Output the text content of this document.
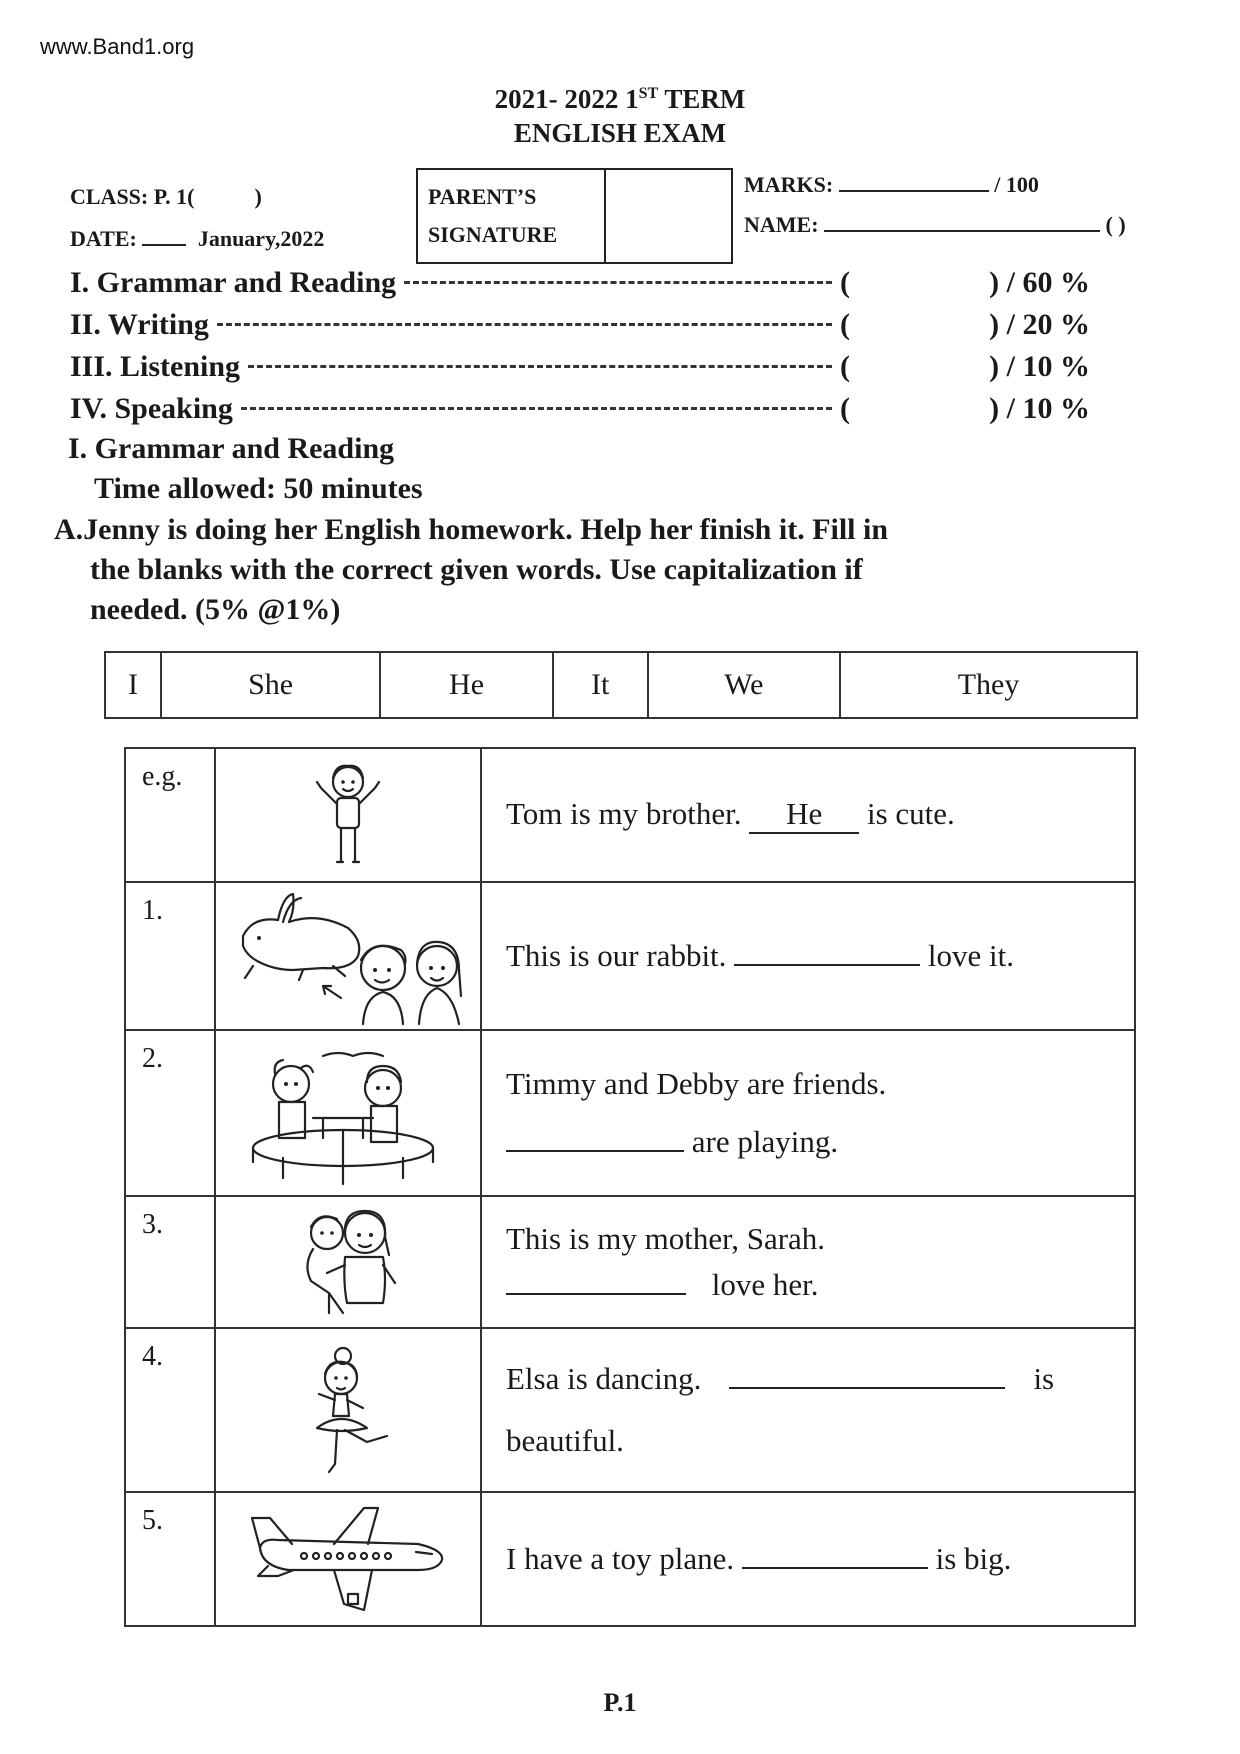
www.Band1.org
2021- 2022 1ST TERM
ENGLISH EXAM
CLASS: P. 1(	)
DATE:	January,2022
PARENT’S
SIGNATURE
MARKS:	/ 100
NAME:	( )
I. Grammar and Reading	(	) / 60 %
II. Writing	(	) / 20 %
III. Listening	(	) / 10 %
IV. Speaking	(	) / 10 %
I. Grammar and Reading
Time allowed: 50 minutes
A.Jenny is doing her English homework. Help her finish it. Fill in
the blanks with the correct given words. Use capitalization if
needed. (5% @1%)
I	She	He	It	We	They
e.g.
Tom is my brother. He is cute.
1.
This is our rabbit.	love it.
2.
Timmy and Debby are friends.
are playing.
3.	This is my mother, Sarah.
love her.
4.
Elsa is dancing.	is
beautiful.
5.
I have a toy plane.	is big.
P.1
